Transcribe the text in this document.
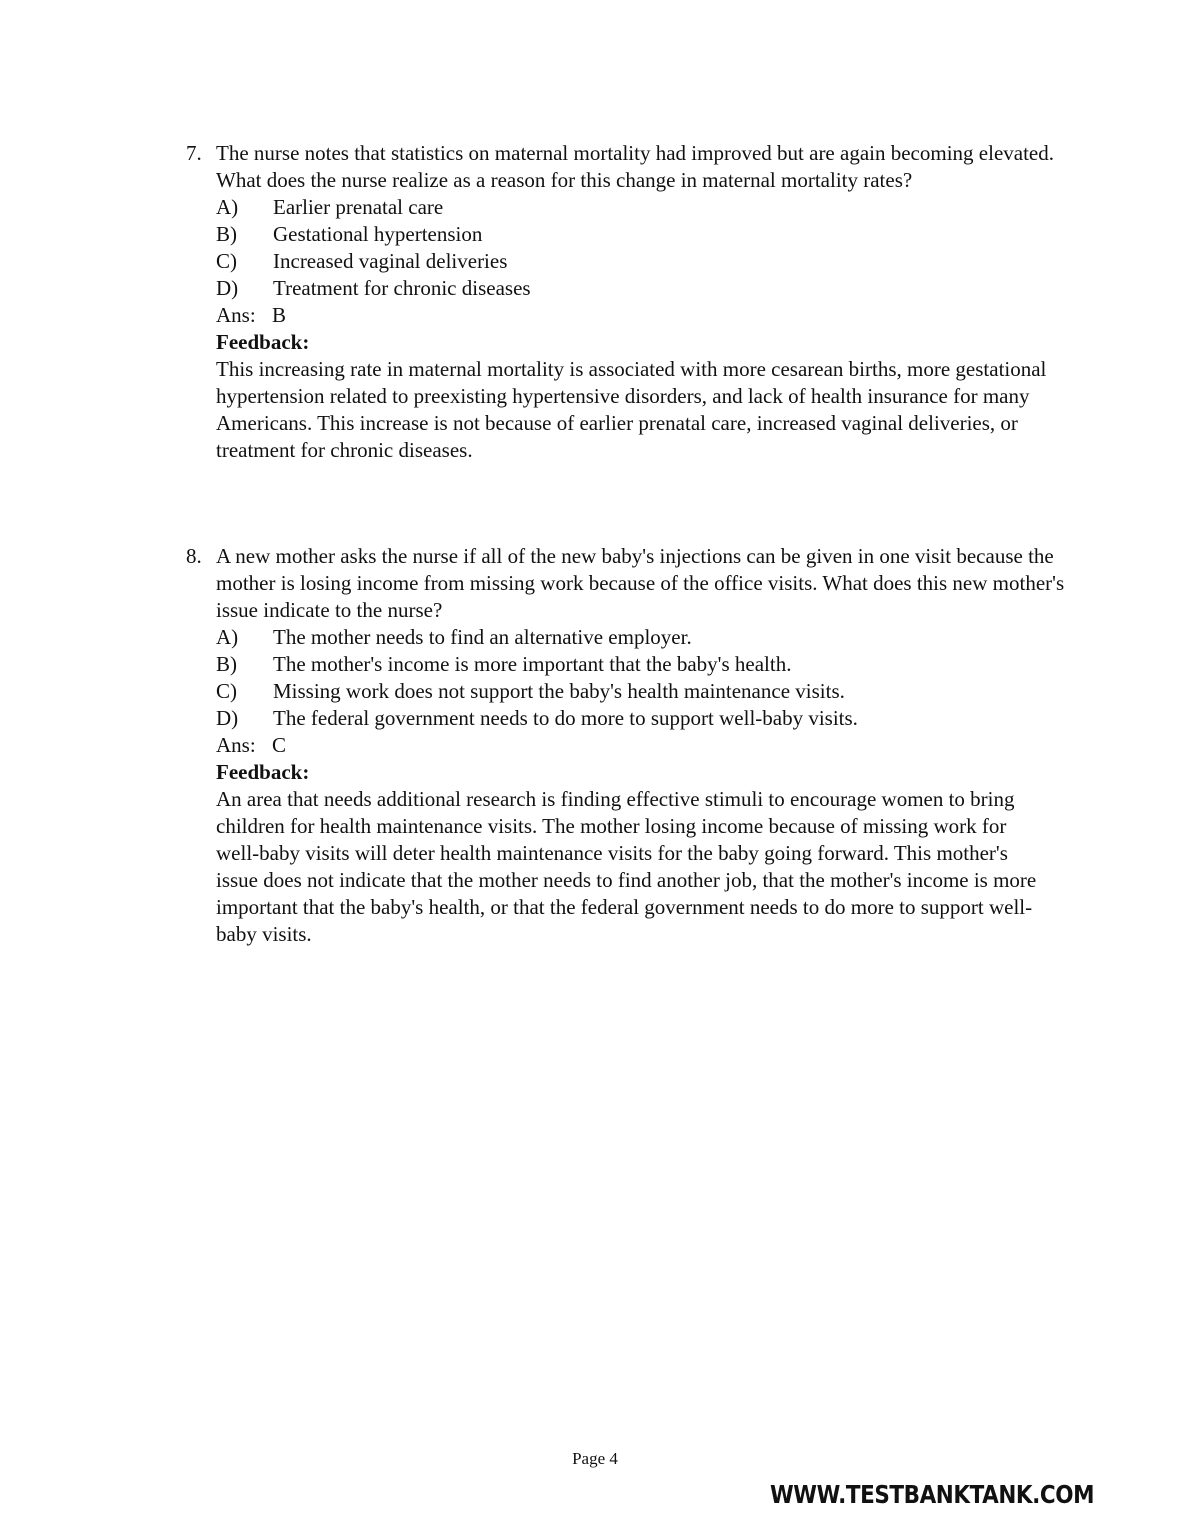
7. The nurse notes that statistics on maternal mortality had improved but are again becoming elevated. What does the nurse realize as a reason for this change in maternal mortality rates?
A)	Earlier prenatal care
B)	Gestational hypertension
C)	Increased vaginal deliveries
D)	Treatment for chronic diseases
Ans: B
Feedback:
This increasing rate in maternal mortality is associated with more cesarean births, more gestational hypertension related to preexisting hypertensive disorders, and lack of health insurance for many Americans. This increase is not because of earlier prenatal care, increased vaginal deliveries, or treatment for chronic diseases.
8. A new mother asks the nurse if all of the new baby's injections can be given in one visit because the mother is losing income from missing work because of the office visits. What does this new mother's issue indicate to the nurse?
A)	The mother needs to find an alternative employer.
B)	The mother's income is more important that the baby's health.
C)	Missing work does not support the baby's health maintenance visits.
D)	The federal government needs to do more to support well-baby visits.
Ans: C
Feedback:
An area that needs additional research is finding effective stimuli to encourage women to bring children for health maintenance visits. The mother losing income because of missing work for well-baby visits will deter health maintenance visits for the baby going forward. This mother's issue does not indicate that the mother needs to find another job, that the mother's income is more important that the baby's health, or that the federal government needs to do more to support well-baby visits.
Page 4
WWW.TESTBANKTANK.COM
